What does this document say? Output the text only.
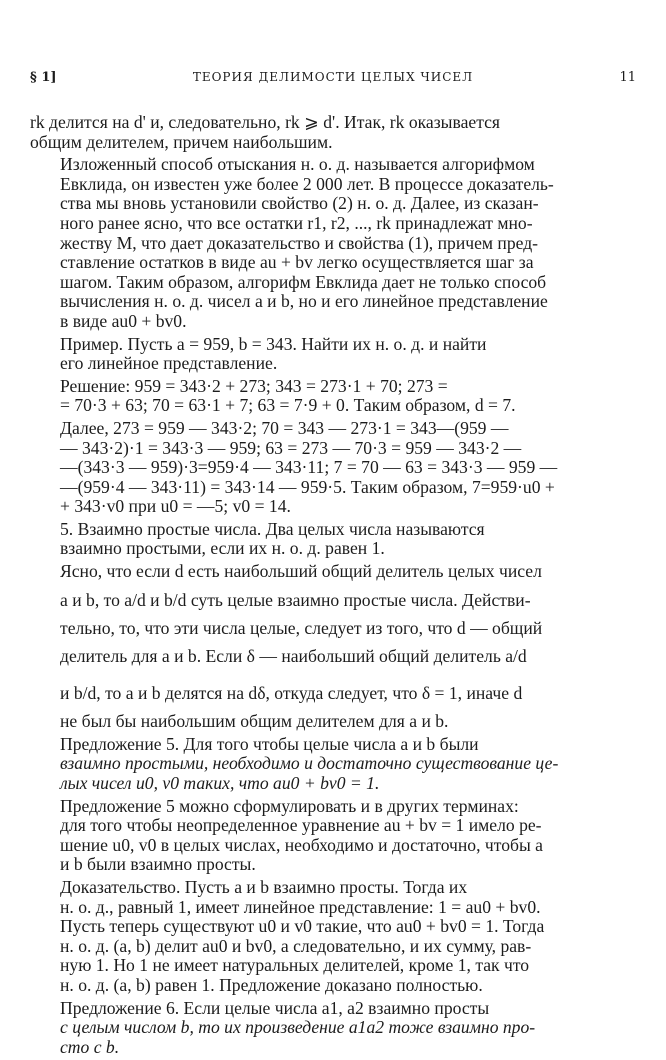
§ 1]	ТЕОРИЯ ДЕЛИМОСТИ ЦЕЛЫХ ЧИСЕЛ	11

rk делится на d' и, следовательно, rk ⩾ d'. Итак, rk оказывается
общим делителем, причем наибольшим.

Изложенный способ отыскания н. о. д. называется алгорифмом
Евклида, он известен уже более 2 000 лет. В процессе доказатель-
ства мы вновь установили свойство (2) н. о. д. Далее, из сказан-
ного ранее ясно, что все остатки r1, r2, ..., rk принадлежат мно-
жеству M, что дает доказательство и свойства (1), причем пред-
ставление остатков в виде au + bv легко осуществляется шаг за
шагом. Таким образом, алгорифм Евклида дает не только способ
вычисления н. о. д. чисел a и b, но и его линейное представление
в виде au0 + bv0.

Пример. Пусть a = 959, b = 343. Найти их н. о. д. и найти
его линейное представление.

Решение: 959 = 343·2 + 273; 343 = 273·1 + 70; 273 =
= 70·3 + 63; 70 = 63·1 + 7; 63 = 7·9 + 0. Таким образом, d = 7.

Далее, 273 = 959 — 343·2; 70 = 343 — 273·1 = 343—(959 —
— 343·2)·1 = 343·3 — 959; 63 = 273 — 70·3 = 959 — 343·2 —
—(343·3 — 959)·3=959·4 — 343·11; 7 = 70 — 63 = 343·3 — 959 —
—(959·4 — 343·11) = 343·14 — 959·5. Таким образом, 7=959·u0 +
+ 343·v0 при u0 = —5; v0 = 14.

5. Взаимно простые числа. Два целых числа называются
взаимно простыми, если их н. о. д. равен 1.

Ясно, что если d есть наибольший общий делитель целых чисел
a и b, то a/d и b/d суть целые взаимно простые числа. Действи-
тельно, то, что эти числа целые, следует из того, что d — общий
делитель для a и b. Если δ — наибольший общий делитель a/d
и b/d, то a и b делятся на dδ, откуда следует, что δ = 1, иначе d
не был бы наибольшим общим делителем для a и b.

Предложение 5. Для того чтобы целые числа a и b были
взаимно простыми, необходимо и достаточно существование це-
лых чисел u0, v0 таких, что au0 + bv0 = 1.

Предложение 5 можно сформулировать и в других терминах:
для того чтобы неопределенное уравнение au + bv = 1 имело ре-
шение u0, v0 в целых числах, необходимо и достаточно, чтобы a
и b были взаимно просты.

Доказательство. Пусть a и b взаимно просты. Тогда их
н. о. д., равный 1, имеет линейное представление: 1 = au0 + bv0.
Пусть теперь существуют u0 и v0 такие, что au0 + bv0 = 1. Тогда
н. о. д. (a, b) делит au0 и bv0, а следовательно, и их сумму, рав-
ную 1. Но 1 не имеет натуральных делителей, кроме 1, так что
н. о. д. (a, b) равен 1. Предложение доказано полностью.

Предложение 6. Если целые числа a1, a2 взаимно просты
с целым числом b, то их произведение a1a2 тоже взаимно про-
сто с b.
